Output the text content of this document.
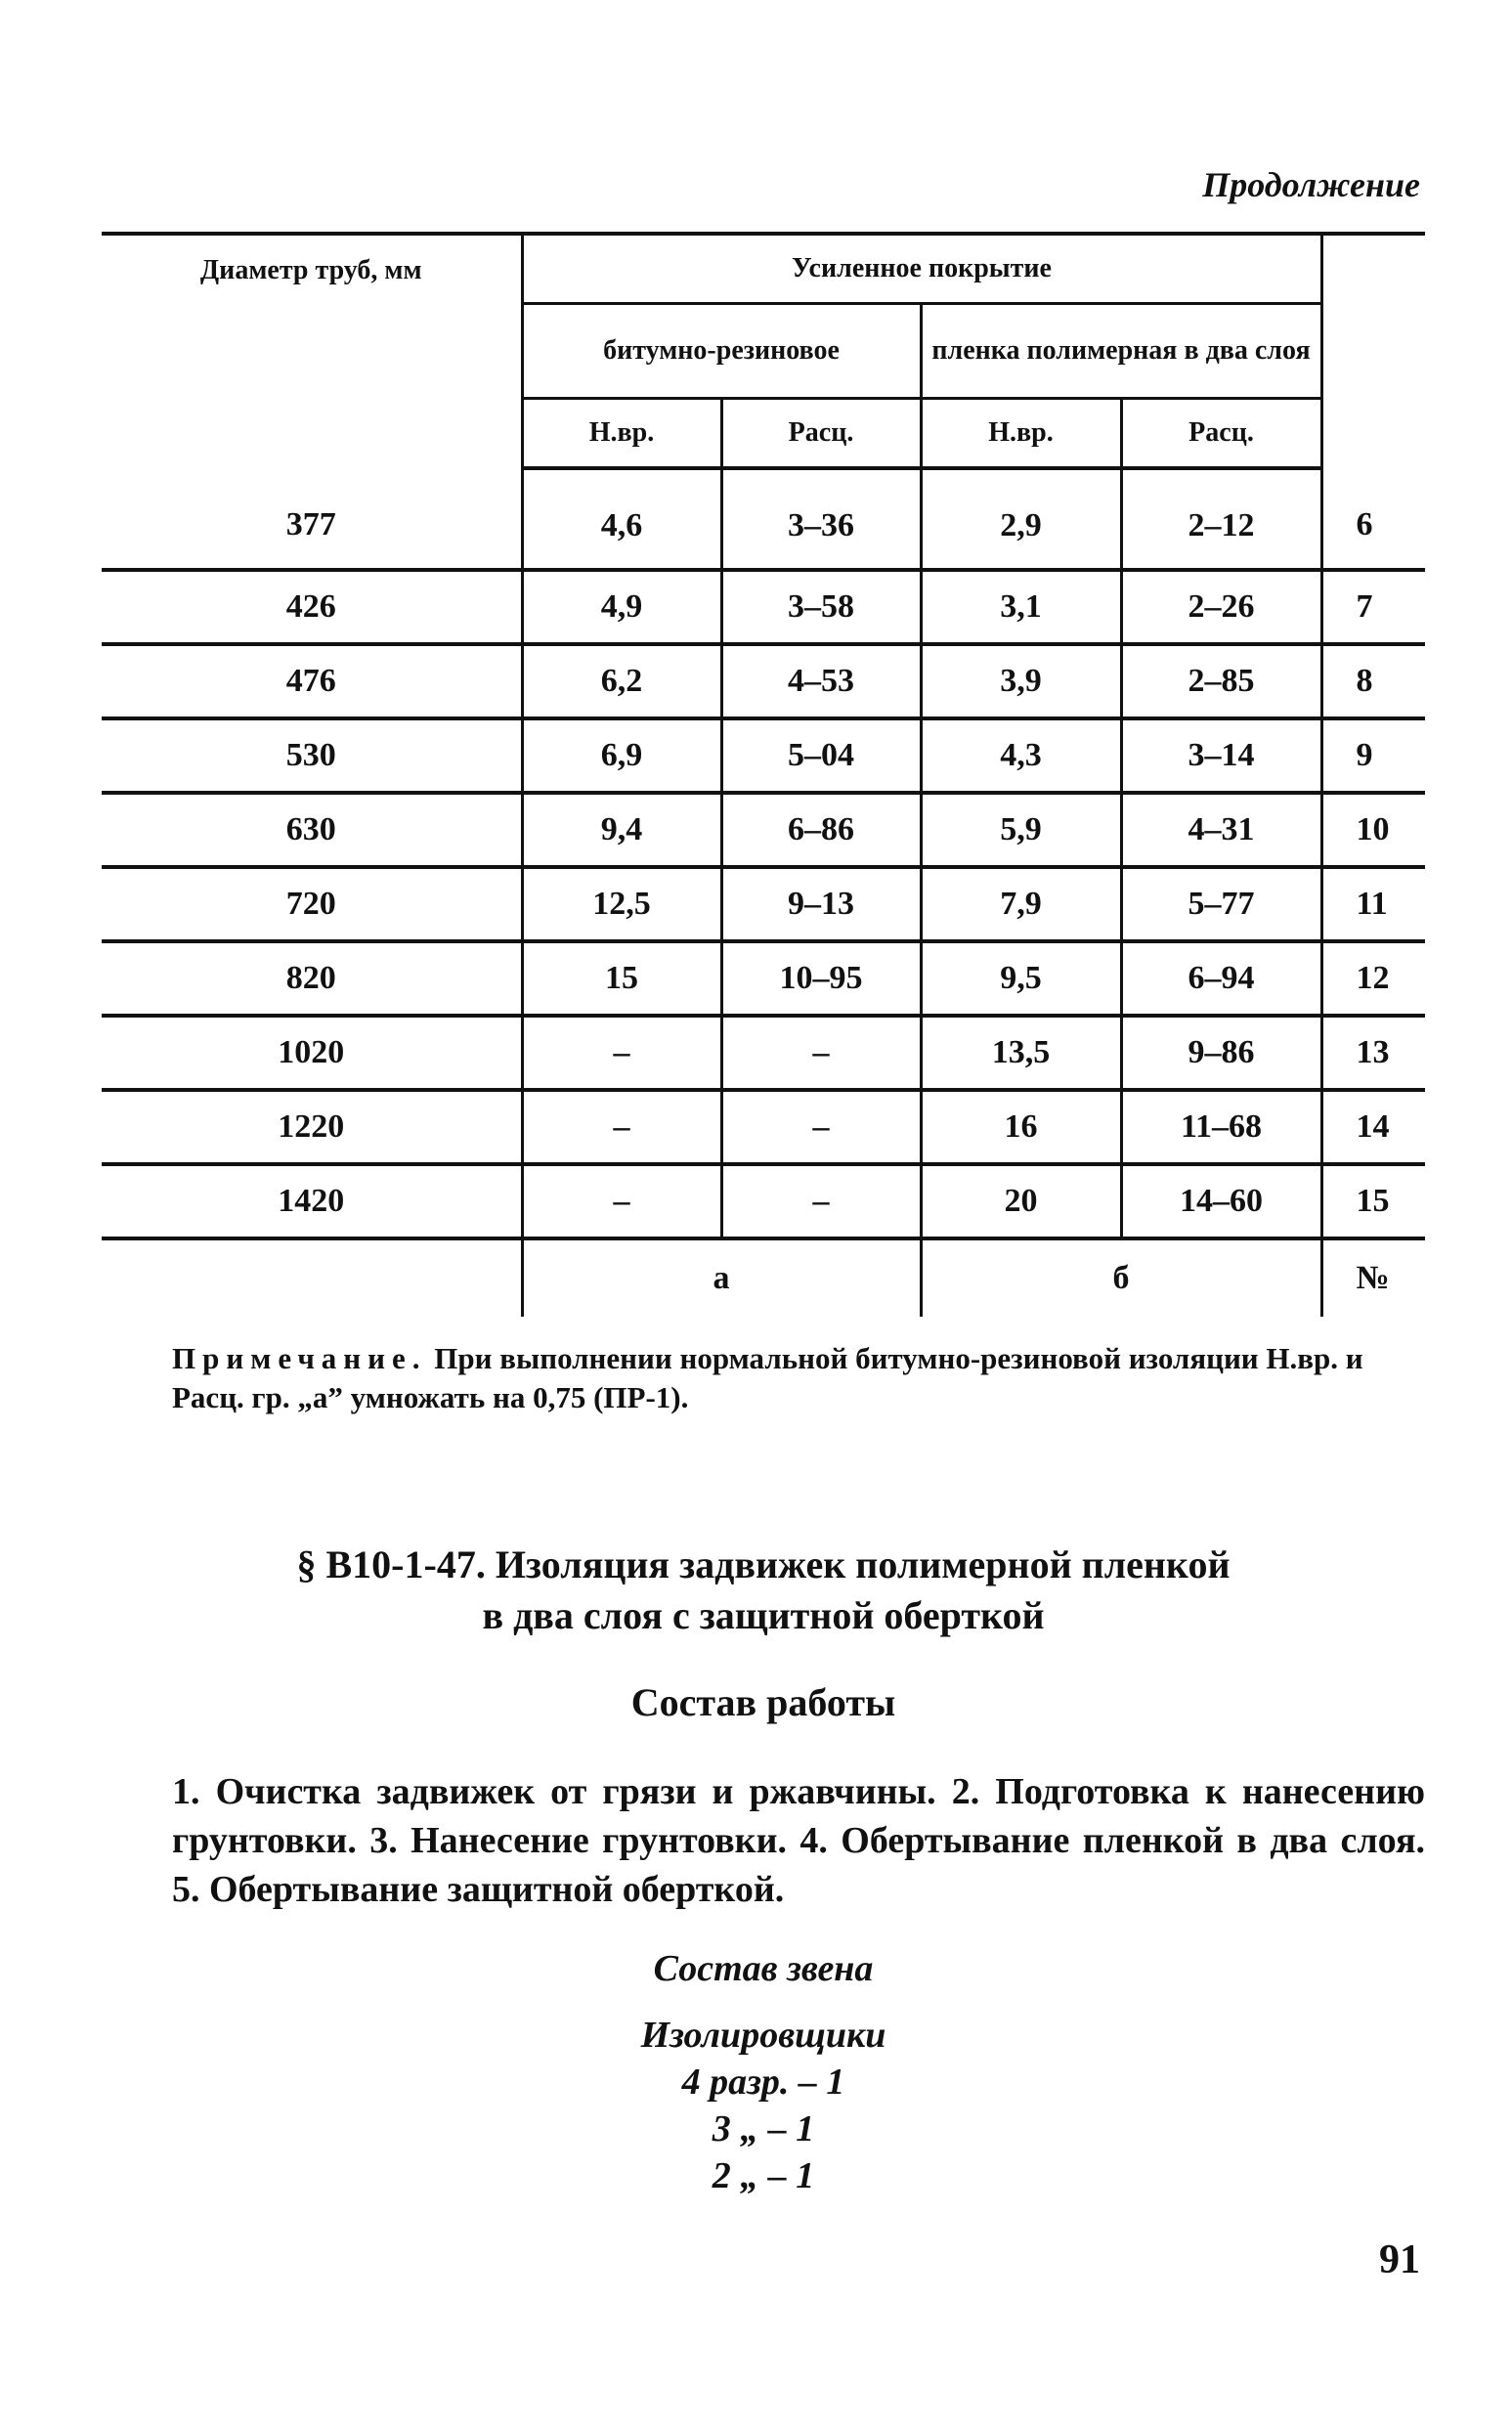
Продолжение
Диаметр труб, мм	Усиленное покрытие				
	битумно-резиновое		пленка полимерная в два слоя		
	Н.вр.	Расц.	Н.вр.	Расц.	
377	4,6	3–36	2,9	2–12	6
426	4,9	3–58	3,1	2–26	7
476	6,2	4–53	3,9	2–85	8
530	6,9	5–04	4,3	3–14	9
630	9,4	6–86	5,9	4–31	10
720	12,5	9–13	7,9	5–77	11
820	15	10–95	9,5	6–94	12
1020	–	–	13,5	9–86	13
1220	–	–	16	11–68	14
1420	–	–	20	14–60	15
	а		б		№
Примечание. При выполнении нормальной битумно-резиновой изоляции Н.вр. и Расц. гр. „а” умножать на 0,75 (ПР-1).
§ В10-1-47. Изоляция задвижек полимерной пленкой
в два слоя с защитной оберткой
Состав работы
1. Очистка задвижек от грязи и ржавчины. 2. Подготовка к нанесению грунтовки. 3. Нанесение грунтовки. 4. Обертывание пленкой в два слоя. 5. Обертывание защитной оберткой.
Состав звена
Изолировщики
4 разр. – 1
3 „ – 1
2 „ – 1
91
